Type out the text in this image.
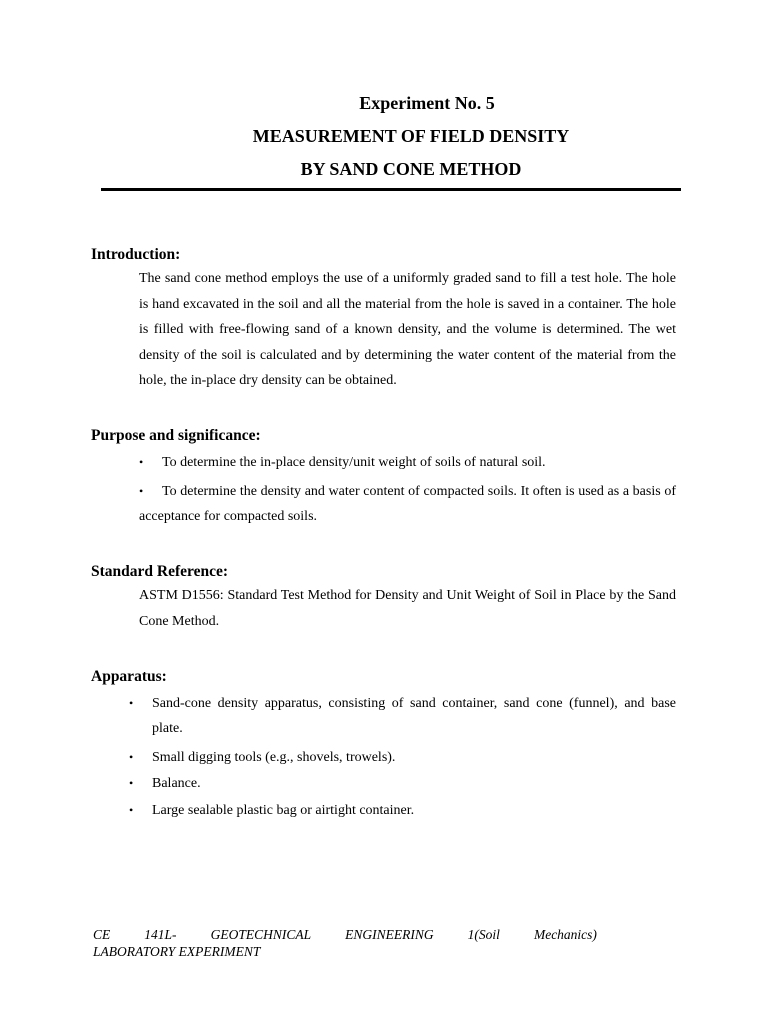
Experiment No. 5
MEASUREMENT OF FIELD DENSITY
BY SAND CONE METHOD
Introduction:
The sand cone method employs the use of a uniformly graded sand to fill a test hole. The hole is hand excavated in the soil and all the material from the hole is saved in a container. The hole is filled with free-flowing sand of a known density, and the volume is determined. The wet density of the soil is calculated and by determining the water content of the material from the hole, the in-place dry density can be obtained.
Purpose and significance:
• To determine the in-place density/unit weight of soils of natural soil.
•	To determine the density and water content of compacted soils. It often is used as a basis of acceptance for compacted soils.
Standard Reference:
ASTM D1556: Standard Test Method for Density and Unit Weight of Soil in Place by the Sand Cone Method.
Apparatus:
• Sand-cone density apparatus, consisting of sand container, sand cone (funnel), and base plate.
• Small digging tools (e.g., shovels, trowels).
• Balance.
• Large sealable plastic bag or airtight container.
CE	141L-	GEOTECHNICAL	ENGINEERING	1(Soil	Mechanics)
LABORATORY EXPERIMENT
